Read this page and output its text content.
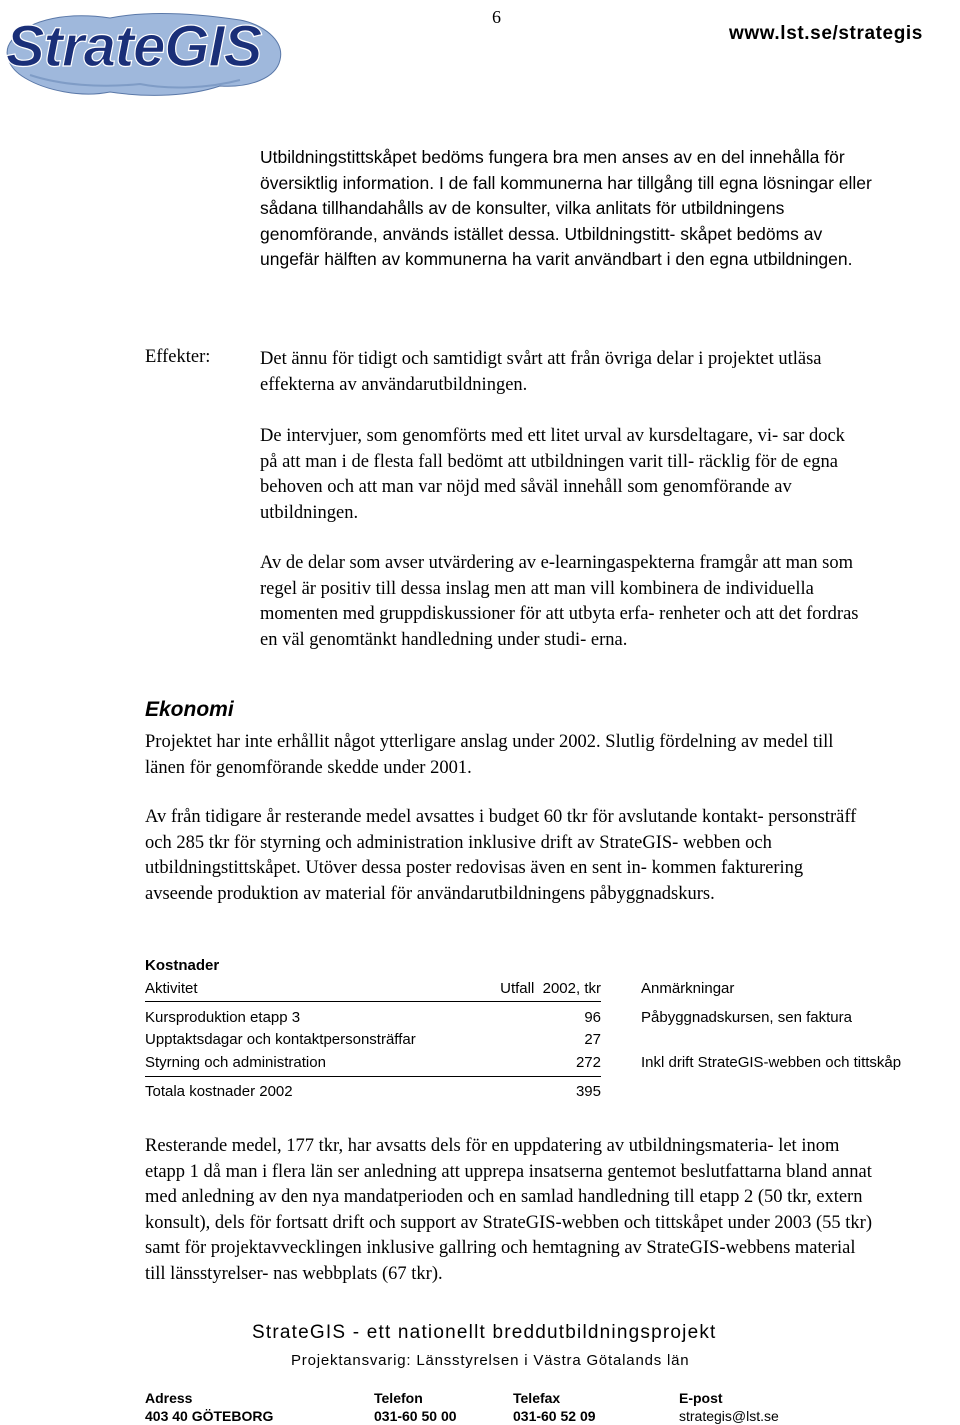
StrateGIS	6
www.lst.se/strategis

Utbildningstittskåpet bedöms fungera bra men anses av en del innehålla för översiktlig information. I de fall kommunerna har tillgång till egna lösningar eller sådana tillhandahålls av de konsulter, vilka anlitats för utbildningens genomförande, används istället dessa. Utbildningstitt- skåpet bedöms av ungefär hälften av kommunerna ha varit användbart i den egna utbildningen.

Effekter:	Det ännu för tidigt och samtidigt svårt att från övriga delar i projektet utläsa effekterna av användarutbildningen.

De intervjuer, som genomförts med ett litet urval av kursdeltagare, vi- sar dock på att man i de flesta fall bedömt att utbildningen varit till- räcklig för de egna behoven och att man var nöjd med såväl innehåll som genomförande av utbildningen.

Av de delar som avser utvärdering av e-learningaspekterna framgår att man som regel är positiv till dessa inslag men att man vill kombinera de individuella momenten med gruppdiskussioner för att utbyta erfa- renheter och att det fordras en väl genomtänkt handledning under studi- erna.

Ekonomi

Projektet har inte erhållit något ytterligare anslag under 2002. Slutlig fördelning av medel till länen för genomförande skedde under 2001.

Av från tidigare år resterande medel avsattes i budget 60 tkr för avslutande kontakt- personsträff och 285 tkr för styrning och administration inklusive drift av StrateGIS- webben och utbildningstittskåpet. Utöver dessa poster redovisas även en sent in- kommen fakturering avseende produktion av material för användarutbildningens påbyggnadskurs.

Kostnader
Aktivitet	Utfall  2002, tkr	Anmärkningar
Kursproduktion etapp 3	96	Påbyggnadskursen, sen faktura
Upptaktsdagar och kontaktpersonsträffar	27
Styrning och administration	272	Inkl drift StrateGIS-webben och tittskåp
Totala kostnader 2002	395

Resterande medel, 177 tkr, har avsatts dels för en uppdatering av utbildningsmateria- let inom etapp 1 då man i flera län ser anledning att upprepa insatserna gentemot beslutfattarna bland annat med anledning av den nya mandatperioden och en samlad handledning till etapp 2 (50 tkr, extern konsult), dels för fortsatt drift och support av StrateGIS-webben och tittskåpet under 2003 (55 tkr) samt för projektavvecklingen inklusive gallring och hemtagning av StrateGIS-webbens material till länsstyrelser- nas webbplats (67 tkr).

StrateGIS - ett nationellt breddutbildningsprojekt
Projektansvarig: Länsstyrelsen i Västra Götalands län
Adress
403 40 GÖTEBORG
Telefon
031-60 50 00
Telefax
031-60 52 09
E-post
strategis@lst.se
